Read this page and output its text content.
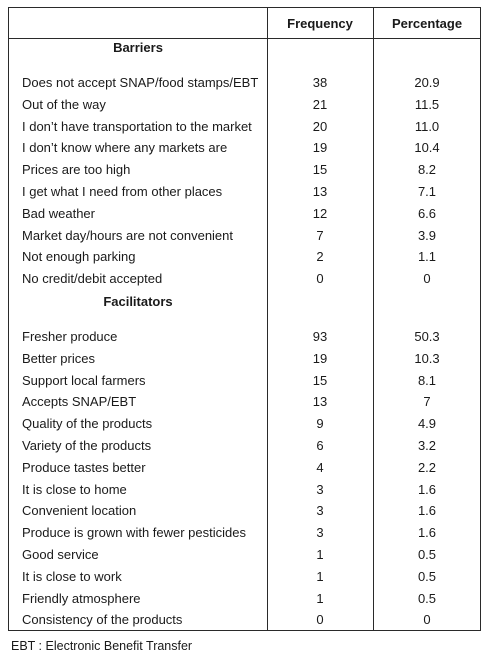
Frequency	Percentage
Barriers
Does not accept SNAP/food stamps/EBT	38	20.9
Out of the way	21	11.5
I don’t have transportation to the market	20	11.0
I don’t know where any markets are	19	10.4
Prices are too high	15	8.2
I get what I need from other places	13	7.1
Bad weather	12	6.6
Market day/hours are not convenient	7	3.9
Not enough parking	2	1.1
No credit/debit accepted	0	0
Facilitators
Fresher produce	93	50.3
Better prices	19	10.3
Support local farmers	15	8.1
Accepts SNAP/EBT	13	7
Quality of the products	9	4.9
Variety of the products	6	3.2
Produce tastes better	4	2.2
It is close to home	3	1.6
Convenient location	3	1.6
Produce is grown with fewer pesticides	3	1.6
Good service	1	0.5
It is close to work	1	0.5
Friendly atmosphere	1	0.5
Consistency of the products	0	0
EBT : Electronic Benefit Transfer
